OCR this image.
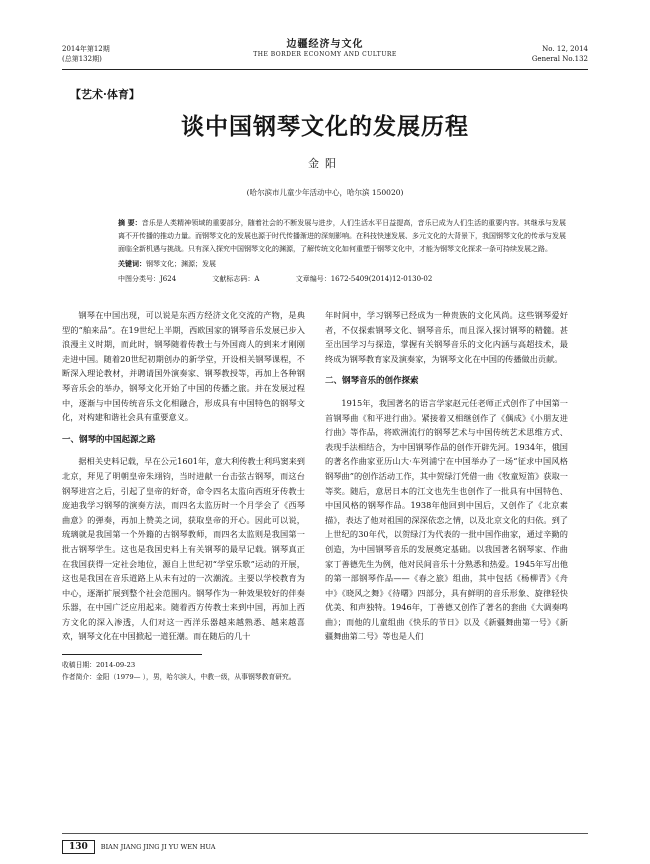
2014年第12期
(总第132期)
边疆经济与文化
THE BORDER ECONOMY AND CULTURE
No. 12, 2014
General No.132
【艺术·体育】
谈中国钢琴文化的发展历程
金阳
(哈尔滨市儿童少年活动中心，哈尔滨 150020)
摘 要：音乐是人类精神领域的重要部分，随着社会的不断发展与进步，人们生活水平日益提高，音乐已成为人们生活的重要内容。其继承与发展离不开传播的推动力量。而钢琴文化的发展也源于时代传播渐进的深刻影响。在科技快速发展、多元文化的大背景下，我国钢琴文化的传承与发展面临全新机遇与挑战。只有深入探究中国钢琴文化的渊源，了解传统文化如何重塑于钢琴文化中，才能为钢琴文化探求一条可持续发展之路。
关键词：钢琴文化；渊源；发展
中图分类号：J624	文献标志码：A	文章编号：1672-5409(2014)12-0130-02

钢琴在中国出现，可以说是东西方经济文化交流的产物，是典型的“舶来品”。在19世纪上半期，西欧国家的钢琴音乐发展已步入浪漫主义时期，而此时，钢琴随着传教士与外国商人的到来才刚刚走进中国。随着20世纪初期创办的新学堂，开设相关钢琴课程，不断深入理论教材，并聘请国外演奏家、钢琴教授等，再加上各种钢琴音乐会的举办，钢琴文化开始了中国的传播之旅。并在发展过程中，逐渐与中国传统音乐文化相融合，形成具有中国特色的钢琴文化，对构建和谐社会具有重要意义。

一、钢琴的中国起源之路

据相关史料记载，早在公元1601年，意大利传教士利玛窦来到北京，拜见了明朝皇帝朱翊钧，当时进献一台击弦古钢琴，而这台钢琴进宫之后，引起了皇帝的好奇，命令四名太监向西班牙传教士庞迪我学习钢琴的演奏方法，而四名太监历时一个月学会了《西琴曲意》的弹奏，再加上赞美之词，获取皇帝的开心。因此可以说，琉璃就是我国第一个外籍的古钢琴教师，而四名太监则是我国第一批古钢琴学生。这也是我国史料上有关钢琴的最早记载。钢琴真正在我国获得一定社会地位，源自上世纪初“学堂乐歌”运动的开展，这也是我国在音乐道路上从未有过的一次潮流。主要以学校教育为中心，逐渐扩展到整个社会范围内。钢琴作为一种效果较好的伴奏乐器，在中国广泛应用起来。随着西方传教士来到中国，再加上西方文化的深入渗透，人们对这一西洋乐器越来越熟悉、越来越喜欢，钢琴文化在中国掀起一道狂潮。而在随后的几十

收稿日期：2014-09-23
作者简介：金阳（1979— ），男，哈尔滨人，中教一级，从事钢琴教育研究。

年时间中，学习钢琴已经成为一种贵族的文化风尚。这些钢琴爱好者，不仅探索钢琴文化、钢琴音乐，而且深入探讨钢琴的精髓。甚至出国学习与探造，掌握有关钢琴音乐的文化内涵与高超技术，最终成为钢琴教育家及演奏家，为钢琴文化在中国的传播做出贡献。

二、钢琴音乐的创作探索

1915年，我国著名的语言学家赵元任老师正式创作了中国第一首钢琴曲《和平进行曲》。紧接着又相继创作了《偶成》《小朋友进行曲》等作品，将欧洲流行的钢琴艺术与中国传统艺术思维方式、表现手法相结合，为中国钢琴作品的创作开辟先河。1934年，俄国的著名作曲家亚历山大·车列浦宁在中国举办了一场“征求中国风格钢琴曲”的创作活动工作，其中贺绿汀凭借一曲《牧童短笛》获取一等奖。随后，意居日本的江文也先生也创作了一批具有中国特色、中国风格的钢琴作品。1938年他回到中国后，又创作了《北京素描》，表达了他对祖国的深深依恋之情，以及北京文化的归依。到了上世纪的30年代，以贺绿汀为代表的一批中国作曲家，通过辛勤的创造，为中国钢琴音乐的发展奠定基础。以我国著名钢琴家、作曲家丁善德先生为例，他对民间音乐十分熟悉和热爱。1945年写出他的第一部钢琴作品——《春之旅》组曲，其中包括《杨柳青》《舟中》《晓风之舞》《待曙》四部分，具有鲜明的音乐形象、旋律轻快优美、和声独特。1946年，丁善德又创作了著名的套曲《大调奏鸣曲》；而他的儿童组曲《快乐的节日》以及《新疆舞曲第一号》《新疆舞曲第二号》等也是人们

130	BIAN JIANG JING JI YU WEN HUA
